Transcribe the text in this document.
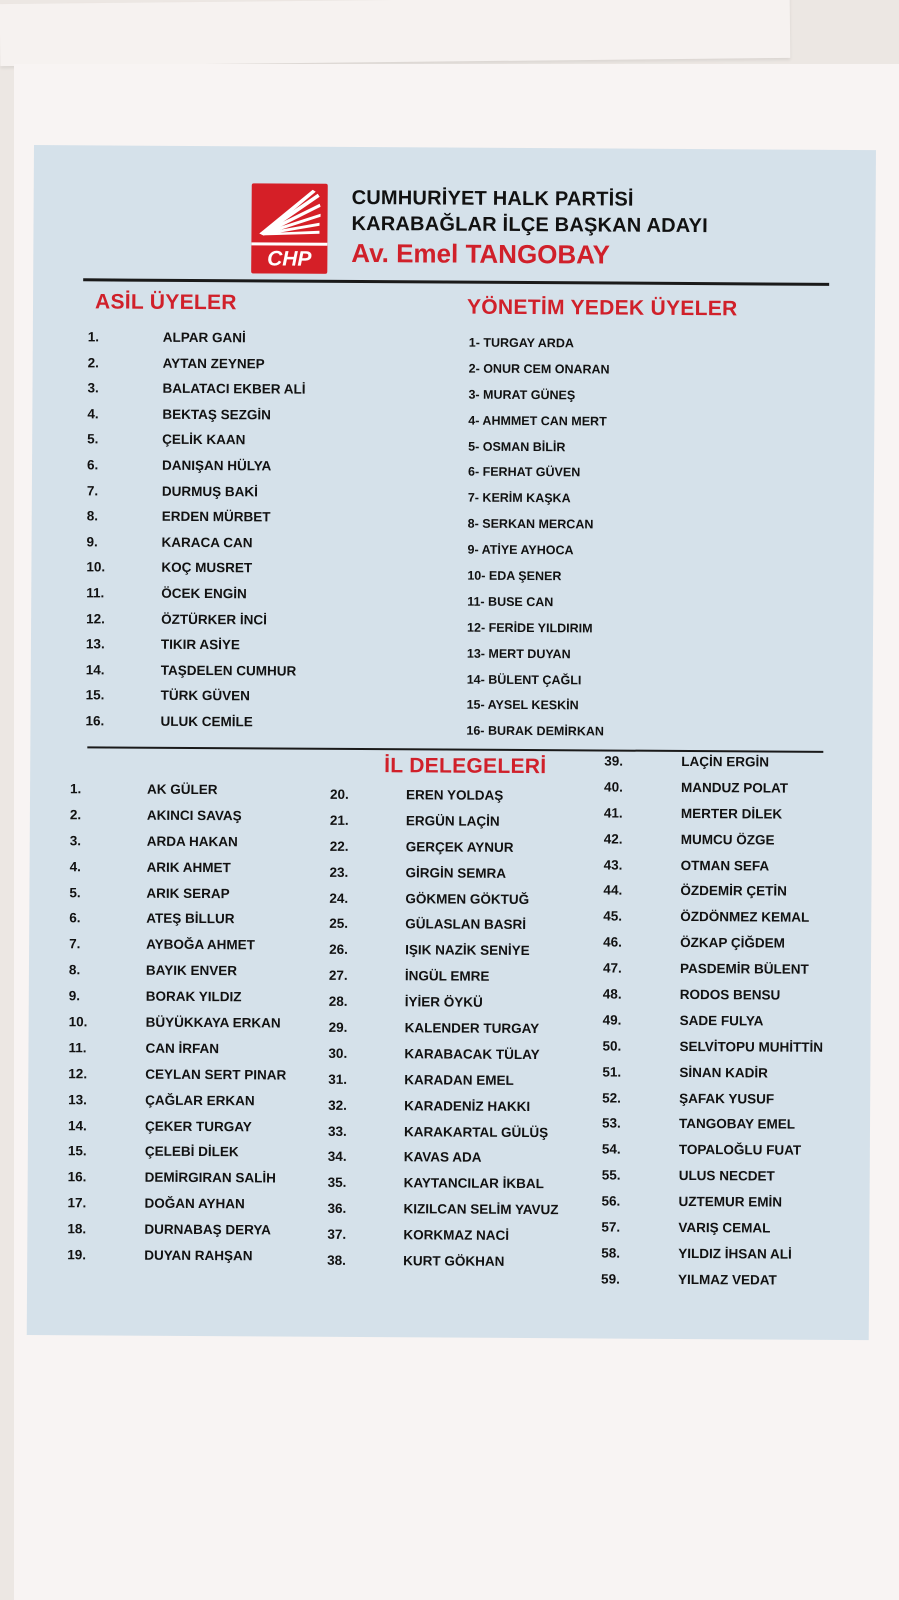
CHP
CUMHURİYET HALK PARTİSİ
KARABAĞLAR İLÇE BAŞKAN ADAYI
Av. Emel TANGOBAY
ASİL ÜYELER
1.	ALPAR GANİ
2.	AYTAN ZEYNEP
3.	BALATACI EKBER ALİ
4.	BEKTAŞ SEZGİN
5.	ÇELİK KAAN
6.	DANIŞAN HÜLYA
7.	DURMUŞ BAKİ
8.	ERDEN MÜRBET
9.	KARACA CAN
10.	KOÇ MUSRET
11.	ÖCEK ENGİN
12.	ÖZTÜRKER İNCİ
13.	TIKIR ASİYE
14.	TAŞDELEN CUMHUR
15.	TÜRK GÜVEN
16.	ULUK CEMİLE
YÖNETİM YEDEK ÜYELER
1- TURGAY ARDA
2- ONUR CEM ONARAN
3- MURAT GÜNEŞ
4- AHMMET CAN MERT
5- OSMAN BİLİR
6- FERHAT GÜVEN
7- KERİM KAŞKA
8- SERKAN MERCAN
9- ATİYE AYHOCA
10- EDA ŞENER
11- BUSE CAN
12- FERİDE YILDIRIM
13- MERT DUYAN
14- BÜLENT ÇAĞLI
15- AYSEL KESKİN
16- BURAK DEMİRKAN
İL DELEGELERİ
1.	AK GÜLER
2.	AKINCI SAVAŞ
3.	ARDA HAKAN
4.	ARIK AHMET
5.	ARIK SERAP
6.	ATEŞ BİLLUR
7.	AYBOĞA AHMET
8.	BAYIK ENVER
9.	BORAK YILDIZ
10.	BÜYÜKKAYA ERKAN
11.	CAN İRFAN
12.	CEYLAN SERT PINAR
13.	ÇAĞLAR ERKAN
14.	ÇEKER TURGAY
15.	ÇELEBİ DİLEK
16.	DEMİRGIRAN SALİH
17.	DOĞAN AYHAN
18.	DURNABAŞ DERYA
19.	DUYAN RAHŞAN
20.	EREN YOLDAŞ
21.	ERGÜN LAÇİN
22.	GERÇEK AYNUR
23.	GİRGİN SEMRA
24.	GÖKMEN GÖKTUĞ
25.	GÜLASLAN BASRİ
26.	IŞIK NAZİK SENİYE
27.	İNGÜL EMRE
28.	İYİER ÖYKÜ
29.	KALENDER TURGAY
30.	KARABACAK TÜLAY
31.	KARADAN EMEL
32.	KARADENİZ HAKKI
33.	KARAKARTAL GÜLÜŞ
34.	KAVAS ADA
35.	KAYTANCILAR İKBAL
36.	KIZILCAN SELİM YAVUZ
37.	KORKMAZ NACİ
38.	KURT GÖKHAN
39.	LAÇİN ERGİN
40.	MANDUZ POLAT
41.	MERTER DİLEK
42.	MUMCU ÖZGE
43.	OTMAN SEFA
44.	ÖZDEMİR ÇETİN
45.	ÖZDÖNMEZ KEMAL
46.	ÖZKAP ÇİĞDEM
47.	PASDEMİR BÜLENT
48.	RODOS BENSU
49.	SADE FULYA
50.	SELVİTOPU MUHİTTİN
51.	SİNAN KADİR
52.	ŞAFAK YUSUF
53.	TANGOBAY EMEL
54.	TOPALOĞLU FUAT
55.	ULUS NECDET
56.	UZTEMUR EMİN
57.	VARIŞ CEMAL
58.	YILDIZ İHSAN ALİ
59.	YILMAZ VEDAT
